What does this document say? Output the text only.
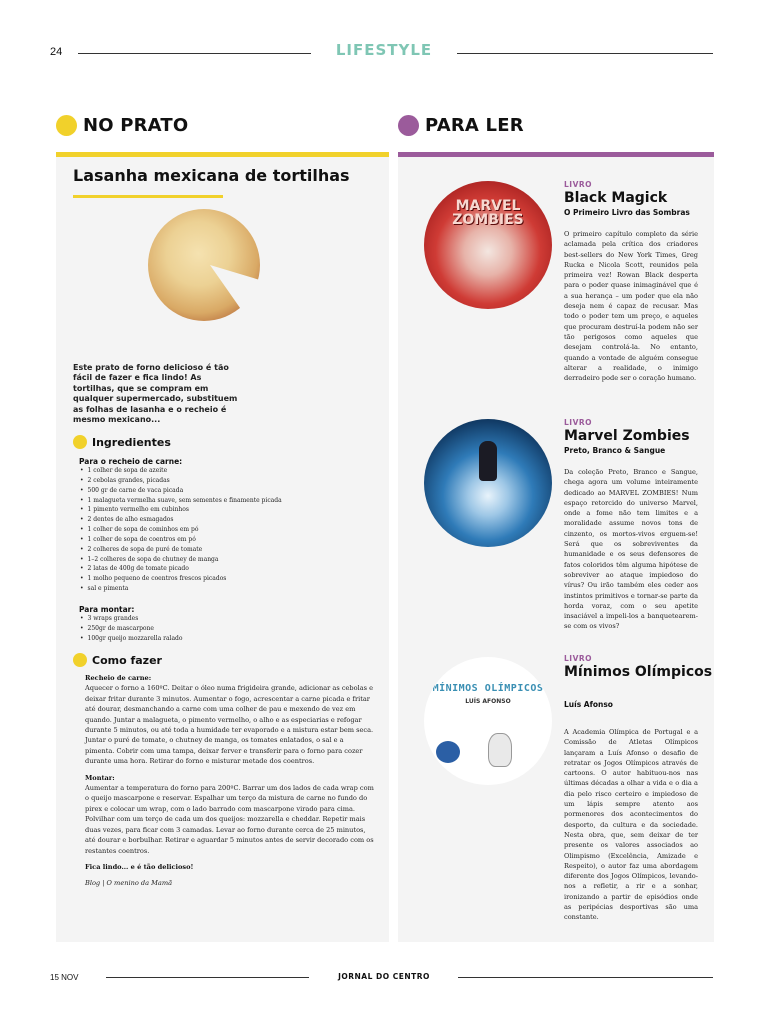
24	LIFESTYLE
NO PRATO	PARA LER
Lasanha mexicana de tortilhas
Este prato de forno delicioso é tão fácil de fazer e fica lindo! As tortilhas, que se compram em qualquer supermercado, substituem as folhas de lasanha e o recheio é mesmo mexicano...
Ingredientes
Para o recheio de carne:
• 1 colher de sopa de azeite
• 2 cebolas grandes, picadas
• 500 gr de carne de vaca picada
• 1 malagueta vermelha suave, sem sementes e finamente picada
• 1 pimento vermelho em cubinhos
• 2 dentes de alho esmagados
• 1 colher de sopa de cominhos em pó
• 1 colher de sopa de coentros em pó
• 2 colheres de sopa de puré de tomate
• 1–2 colheres de sopa de chutney de manga
• 2 latas de 400g de tomate picado
• 1 molho pequeno de coentros frescos picados
• sal e pimenta
Para montar:
• 3 wraps grandes
• 250gr de mascarpone
• 100gr queijo mozzarella ralado
Como fazer

Recheio de carne:

Aquecer o forno a 160ºC. Deitar o óleo numa frigideira grande, adicionar as cebolas e deixar fritar durante 3 minutos. Aumentar o fogo, acrescentar a carne picada e fritar até dourar, desmanchando a carne com uma colher de pau e mexendo de vez em quando. Juntar a malagueta, o pimento vermelho, o alho e as especiarias e refogar durante 5 minutos, ou até toda a humidade ter evaporado e a mistura estar bem seca. Juntar o puré de tomate, o chutney de manga, os tomates enlatados, o sal e a pimenta. Cobrir com uma tampa, deixar ferver e transferir para o forno para cozer durante uma hora. Retirar do forno e misturar metade dos coentros.

Montar:

Aumentar a temperatura do forno para 200ºC. Barrar um dos lados de cada wrap com o queijo mascarpone e reservar. Espalhar um terço da mistura de carne no fundo do pirex e colocar um wrap, com o lado barrado com mascarpone virado para cima. Polvilhar com um terço de cada um dos queijos: mozzarella e cheddar. Repetir mais duas vezes, para ficar com 3 camadas. Levar ao forno durante cerca de 25 minutos, até dourar e borbulhar. Retirar e aguardar 5 minutos antes de servir decorado com os restantes coentros.

Fica lindo... e é tão delicioso!

Blog | O menino da Mamã

MARVEL ZOMBIES
LIVRO
Black Magick
O Primeiro Livro das Sombras
O primeiro capítulo completo da série aclamada pela crítica dos criadores best-sellers do New York Times, Greg Rucka e Nicola Scott, reunidos pela primeira vez! Rowan Black desperta para o poder quase inimaginável que é a sua herança – um poder que ela não deseja nem é capaz de recusar. Mas todo o poder tem um preço, e aqueles que procuram destruí-la podem não ser tão perigosos como aqueles que desejam controlá-la. No entanto, quando a vontade de alguém consegue alterar a realidade, o inimigo derradeiro pode ser o coração humano.
LIVRO
Marvel Zombies
Preto, Branco & Sangue
Da coleção Preto, Branco e Sangue, chega agora um volume inteiramente dedicado ao MARVEL ZOMBIES! Num espaço retorcido do universo Marvel, onde a fome não tem limites e a moralidade assume novos tons de cinzento, os mortos-vivos erguem-se! Será que os sobreviventes da humanidade e os seus defensores de fatos coloridos têm alguma hipótese de sobreviver ao ataque impiedoso do vírus? Ou irão também eles ceder aos instintos primitivos e tornar-se parte da horda voraz, com o seu apetite insaciável a impeli-los a banquetearem-se com os vivos?
MÍNIMOS OLÍMPICOS
LUÍS AFONSO
LIVRO
Mínimos Olímpicos
Luís Afonso
A Academia Olímpica de Portugal e a Comissão de Atletas Olímpicos lançaram a Luís Afonso o desafio de retratar os Jogos Olímpicos através de cartoons. O autor habituou-nos nas últimas décadas a olhar a vida e o dia a dia pelo risco certeiro e impiedoso de um lápis sempre atento aos pormenores dos acontecimentos do desporto, da cultura e da sociedade. Nesta obra, que, sem deixar de ter presente os valores associados ao Olimpismo (Excelência, Amizade e Respeito), o autor faz uma abordagem diferente dos Jogos Olímpicos, levando-nos a refletir, a rir e a sonhar, ironizando a partir de episódios onde as peripécias desportivas são uma constante.
15 NOV	JORNAL DO CENTRO
